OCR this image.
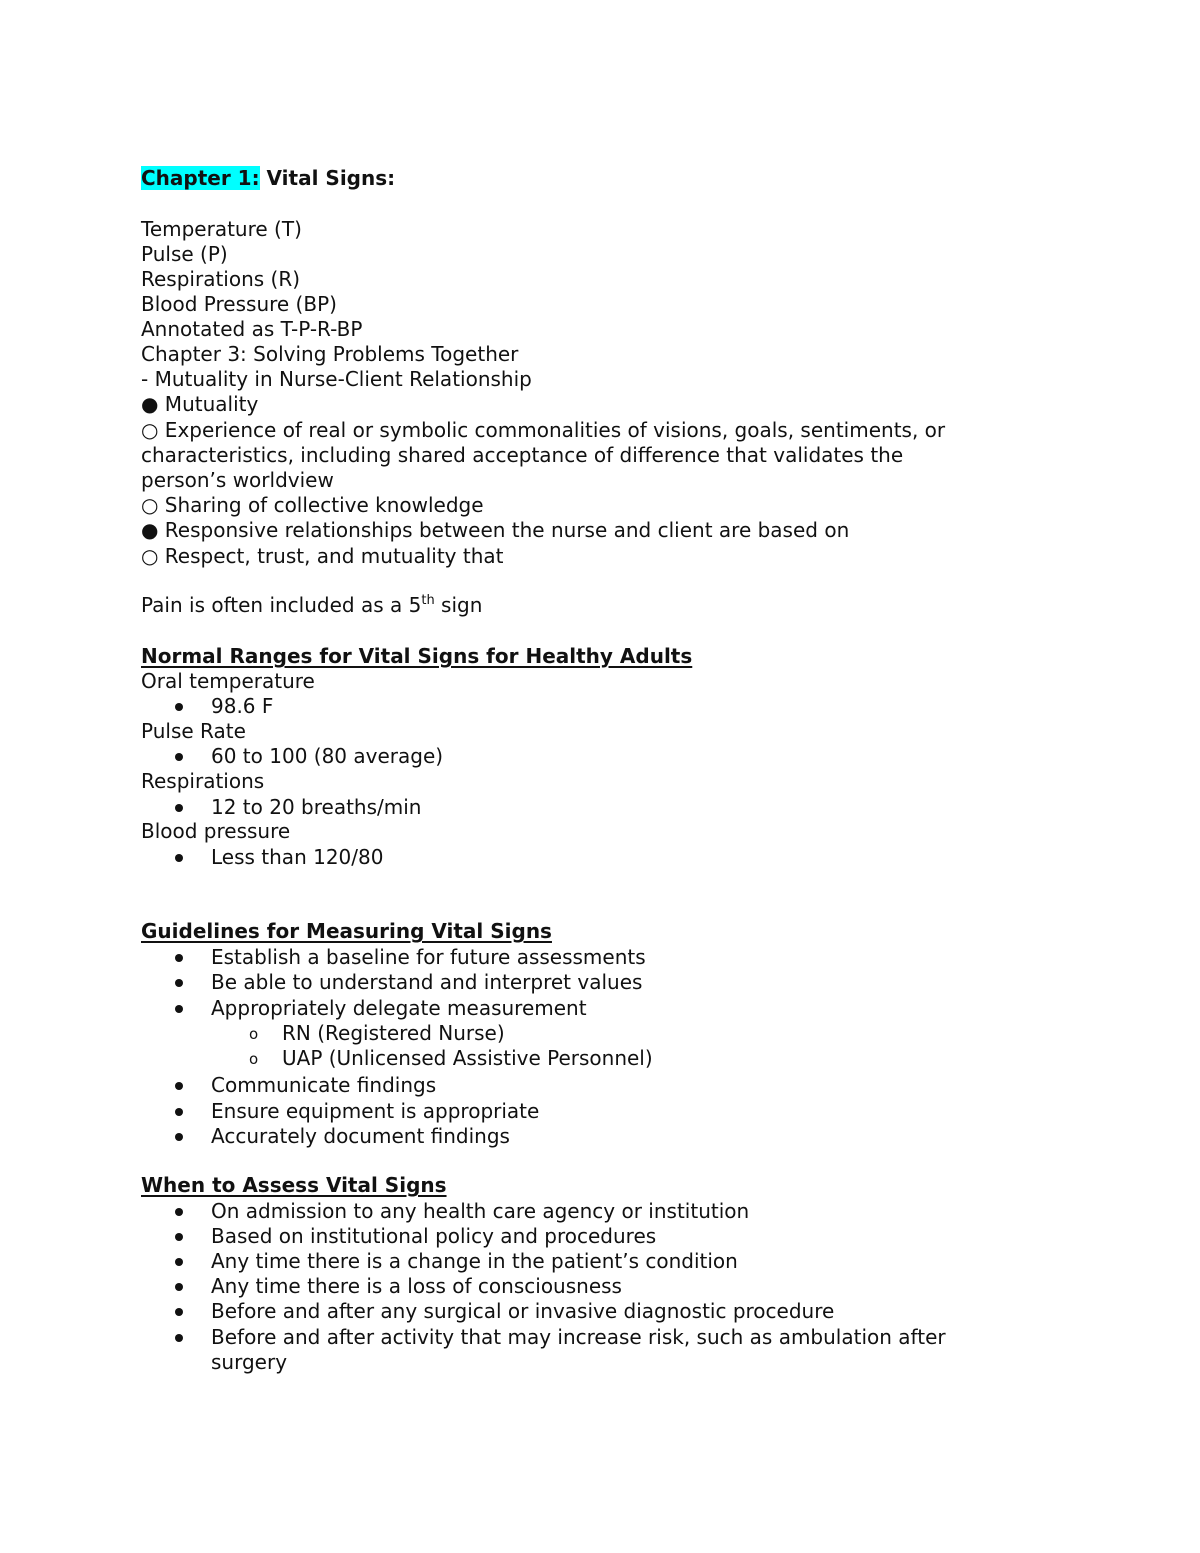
Chapter 1: Vital Signs:
Temperature (T)
Pulse (P)
Respirations (R)
Blood Pressure (BP)
Annotated as T-P-R-BP
Chapter 3: Solving Problems Together
- Mutuality in Nurse-Client Relationship
● Mutuality
○ Experience of real or symbolic commonalities of visions, goals, sentiments, or
characteristics, including shared acceptance of difference that validates the
person’s worldview
○ Sharing of collective knowledge
● Responsive relationships between the nurse and client are based on
○ Respect, trust, and mutuality that
Pain is often included as a 5th sign
Normal Ranges for Vital Signs for Healthy Adults
Oral temperature
98.6 F
Pulse Rate
60 to 100 (80 average)
Respirations
12 to 20 breaths/min
Blood pressure
Less than 120/80
Guidelines for Measuring Vital Signs
Establish a baseline for future assessments
Be able to understand and interpret values
Appropriately delegate measurement
o RN (Registered Nurse)
o UAP (Unlicensed Assistive Personnel)
Communicate findings
Ensure equipment is appropriate
Accurately document findings
When to Assess Vital Signs
On admission to any health care agency or institution
Based on institutional policy and procedures
Any time there is a change in the patient’s condition
Any time there is a loss of consciousness
Before and after any surgical or invasive diagnostic procedure
Before and after activity that may increase risk, such as ambulation after
surgery
